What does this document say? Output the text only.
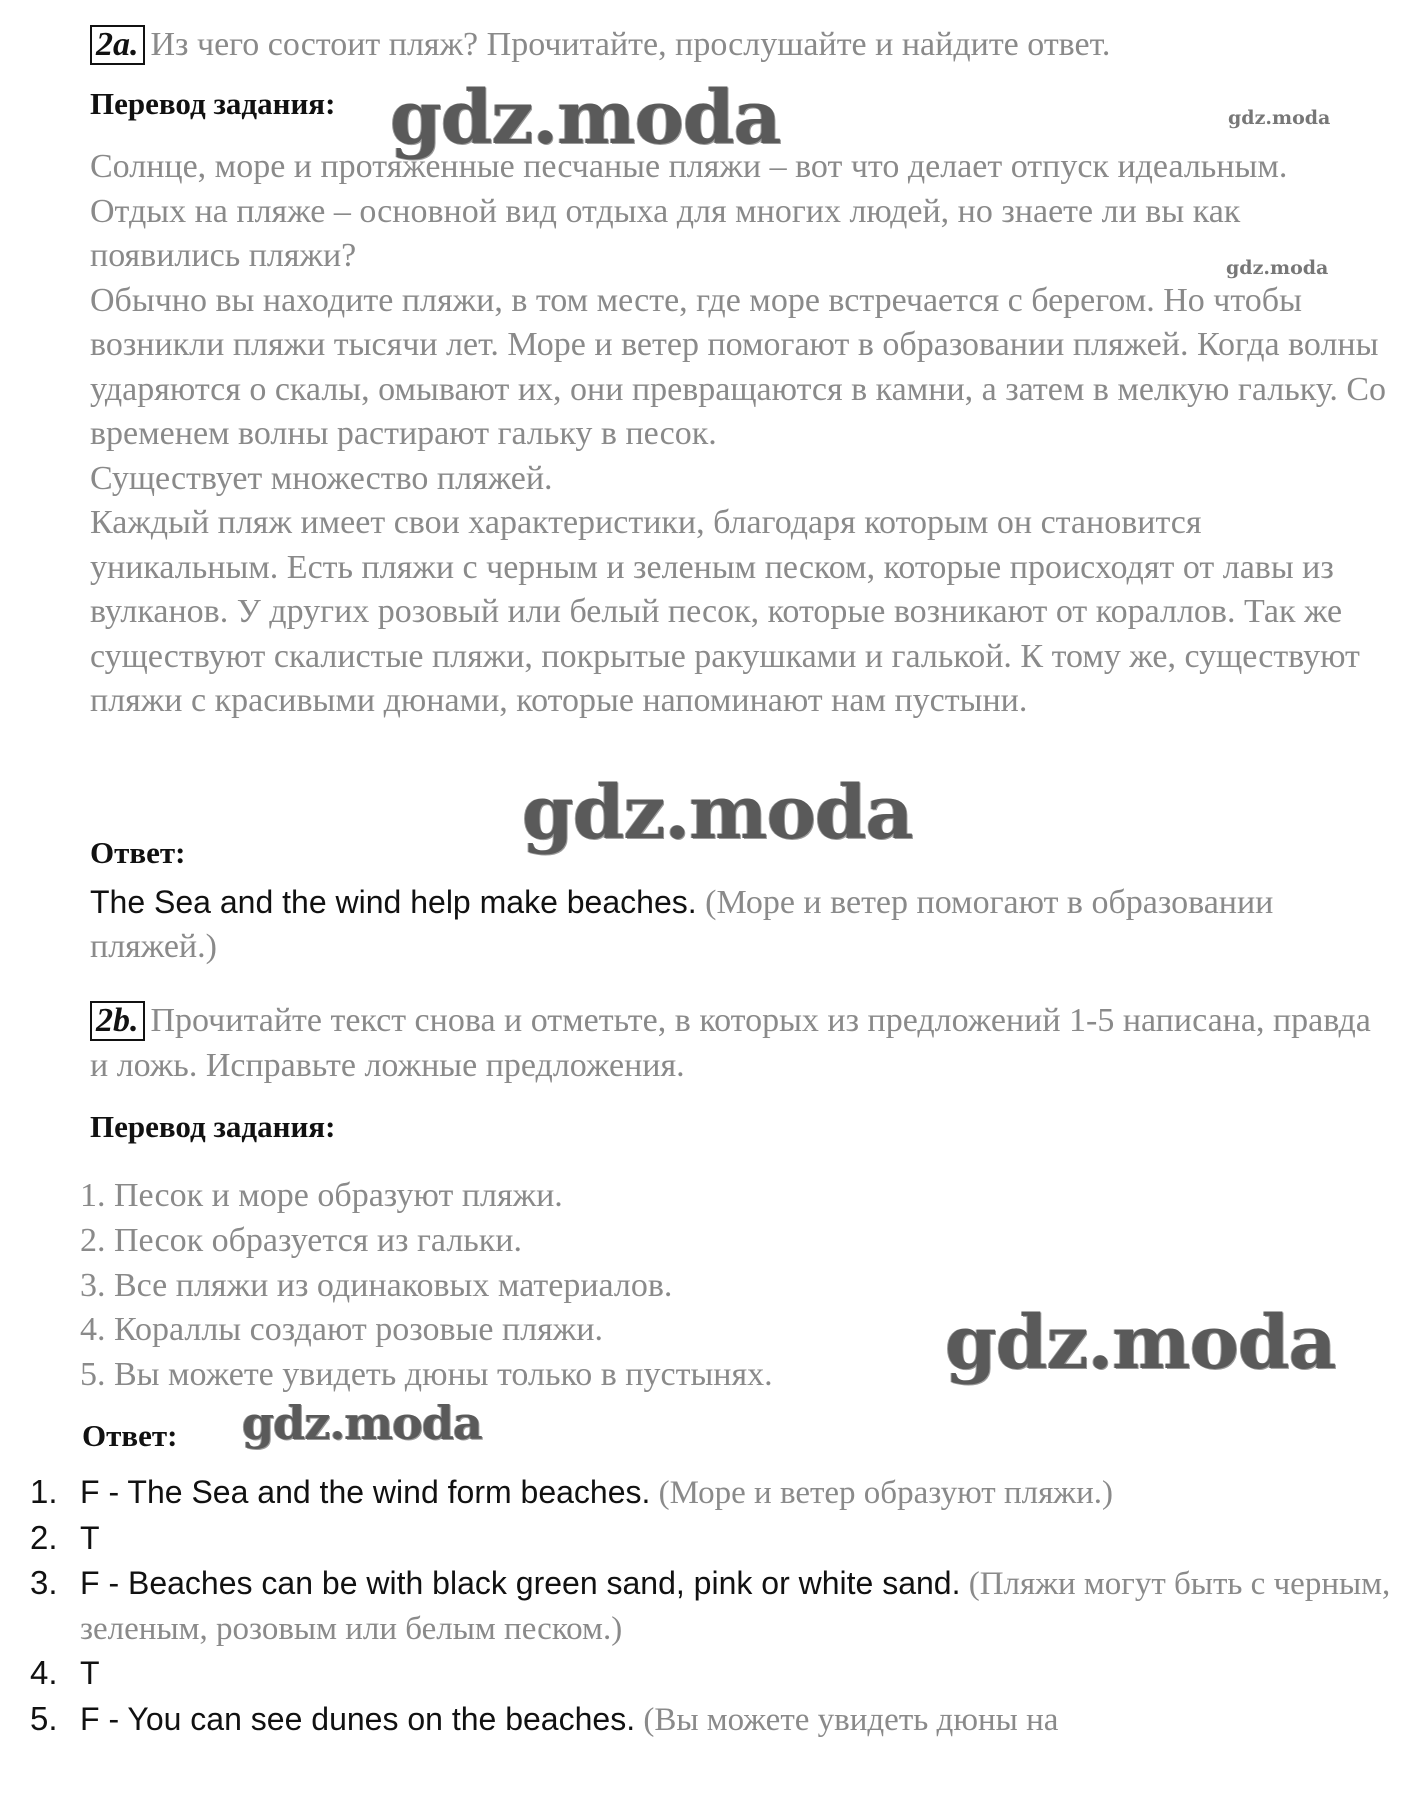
2a. Из чего состоит пляж? Прочитайте, прослушайте и найдите ответ.
Перевод задания:

Солнце, море и протяженные песчаные пляжи – вот что делает отпуск идеальным. Отдых на пляже – основной вид отдыха для многих людей, но знаете ли вы как появились пляжи?

Обычно вы находите пляжи, в том месте, где море встречается с берегом. Но чтобы возникли пляжи тысячи лет. Море и ветер помогают в образовании пляжей. Когда волны ударяются о скалы, омывают их, они превращаются в камни, а затем в мелкую гальку. Со временем волны растирают гальку в песок.

Существует множество пляжей.

Каждый пляж имеет свои характеристики, благодаря которым он становится уникальным. Есть пляжи с черным и зеленым песком, которые происходят от лавы из вулканов. У других розовый или белый песок, которые возникают от кораллов. Так же существуют скалистые пляжи, покрытые ракушками и галькой. К тому же, существуют пляжи с красивыми дюнами, которые напоминают нам пустыни.

Ответ:
The Sea and the wind help make beaches. (Море и ветер помогают в образовании пляжей.)
2b. Прочитайте текст снова и отметьте, в которых из предложений 1-5 написана, правда и ложь. Исправьте ложные предложения.
Перевод задания:
1. Песок и море образуют пляжи.
2. Песок образуется из гальки.
3. Все пляжи из одинаковых материалов.
4. Кораллы создают розовые пляжи.
5. Вы можете увидеть дюны только в пустынях.
Ответ:
1. F - The Sea and the wind form beaches. (Море и ветер образуют пляжи.)
2. T
3. F - Beaches can be with black green sand, pink or white sand. (Пляжи могут быть с черным, зеленым, розовым или белым песком.)
4. T
5. F - You can see dunes on the beaches. (Вы можете увидеть дюны на
gdz.moda	gdz.moda
gdz.moda
gdz.moda
gdz.moda
gdz.moda
